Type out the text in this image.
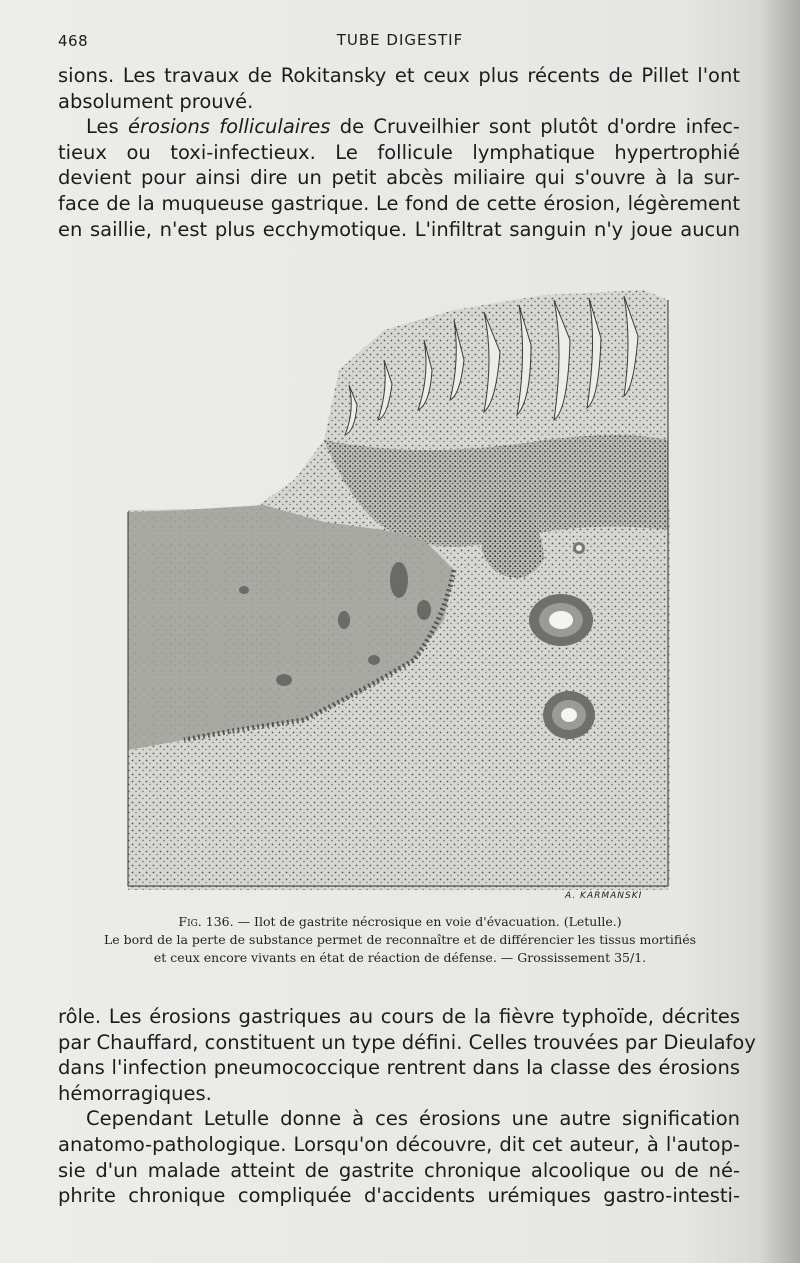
468	TUBE DIGESTIF

sions. Les travaux de Rokitansky et ceux plus récents de Pillet l'ont
absolument prouvé.

Les érosions folliculaires de Cruveilhier sont plutôt d'ordre infec-
tieux ou toxi-infectieux. Le follicule lymphatique hypertrophié
devient pour ainsi dire un petit abcès miliaire qui s'ouvre à la sur-
face de la muqueuse gastrique. Le fond de cette érosion, légèrement
en saillie, n'est plus ecchymotique. L'infiltrat sanguin n'y joue aucun

A. KARMANSKI
Fig. 136. — Ilot de gastrite nécrosique en voie d'évacuation. (Letulle.)
Le bord de la perte de substance permet de reconnaître et de différencier les tissus mortifiés
et ceux encore vivants en état de réaction de défense. — Grossissement 35/1.

rôle. Les érosions gastriques au cours de la fièvre typhoïde, décrites
par Chauffard, constituent un type défini. Celles trouvées par Dieulafoy
dans l'infection pneumococcique rentrent dans la classe des érosions
hémorragiques.

Cependant Letulle donne à ces érosions une autre signification
anatomo-pathologique. Lorsqu'on découvre, dit cet auteur, à l'autop-
sie d'un malade atteint de gastrite chronique alcoolique ou de né-
phrite chronique compliquée d'accidents urémiques gastro-intesti-
